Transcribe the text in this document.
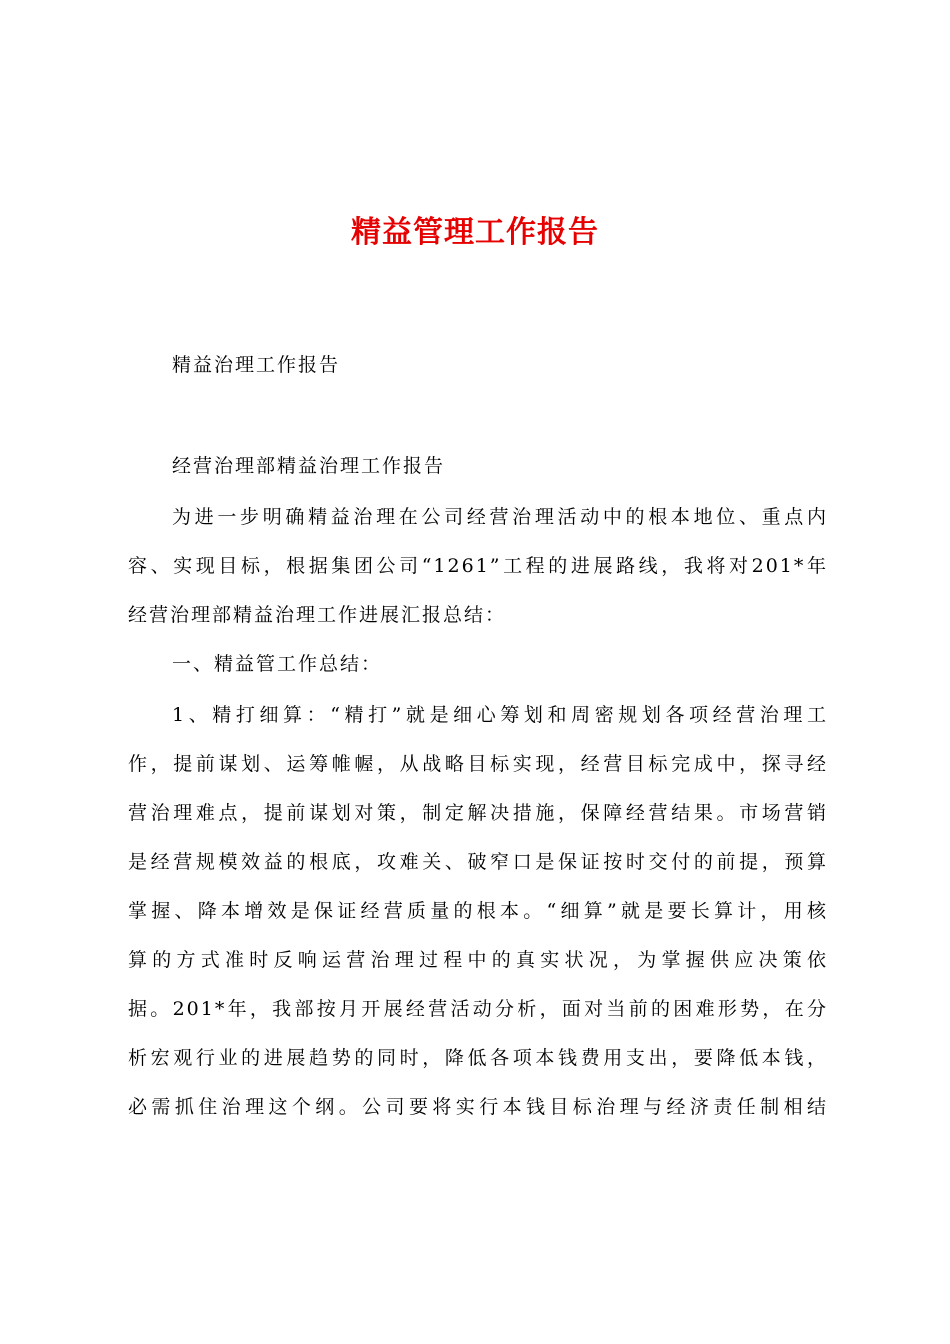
精益管理工作报告
精益治理工作报告
经营治理部精益治理工作报告
为进一步明确精益治理在公司经营治理活动中的根本地位、重点内
容、实现目标，根据集团公司“1261”工程的进展路线，我将对201*年
经营治理部精益治理工作进展汇报总结：
一、精益管工作总结：
1、精打细算：“精打”就是细心筹划和周密规划各项经营治理工
作，提前谋划、运筹帷幄，从战略目标实现，经营目标完成中，探寻经
营治理难点，提前谋划对策，制定解决措施，保障经营结果。市场营销
是经营规模效益的根底，攻难关、破窄口是保证按时交付的前提，预算
掌握、降本增效是保证经营质量的根本。“细算”就是要长算计，用核
算的方式准时反响运营治理过程中的真实状况，为掌握供应决策依
据。201*年，我部按月开展经营活动分析，面对当前的困难形势，在分
析宏观行业的进展趋势的同时，降低各项本钱费用支出，要降低本钱，
必需抓住治理这个纲。公司要将实行本钱目标治理与经济责任制相结
